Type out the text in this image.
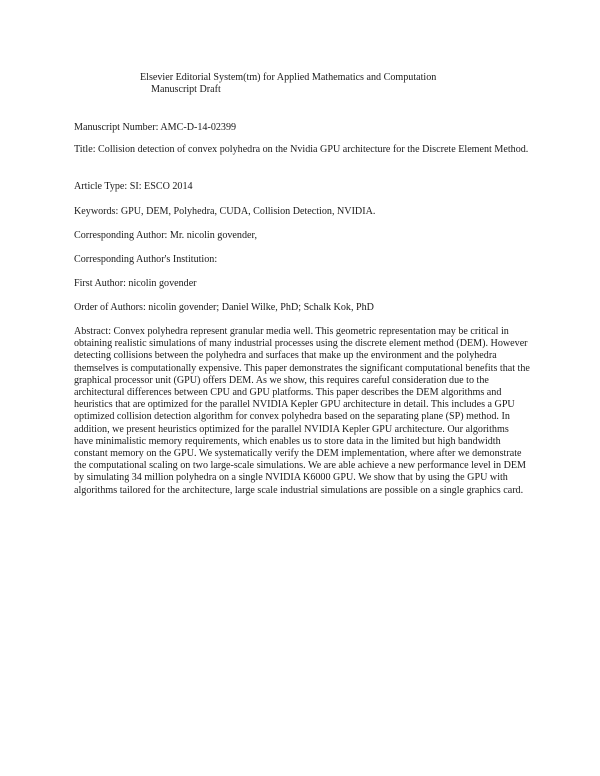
Elsevier Editorial System(tm) for Applied Mathematics and Computation
Manuscript Draft
Manuscript Number: AMC-D-14-02399
Title: Collision detection of convex polyhedra on the Nvidia GPU architecture for the Discrete Element Method.
Article Type: SI: ESCO 2014
Keywords: GPU, DEM, Polyhedra, CUDA, Collision Detection, NVIDIA.
Corresponding Author: Mr. nicolin govender,
Corresponding Author's Institution:
First Author: nicolin govender
Order of Authors: nicolin govender; Daniel Wilke, PhD; Schalk Kok, PhD
Abstract: Convex polyhedra represent granular media well. This geometric representation may be critical in obtaining realistic simulations of many industrial processes using the discrete element method (DEM). However detecting collisions between the polyhedra and surfaces that make up the environment and the polyhedra themselves is computationally expensive. This paper demonstrates the significant computational benefits that the graphical processor unit (GPU) offers DEM. As we show, this requires careful consideration due to the architectural differences between CPU and GPU platforms. This paper describes the DEM algorithms and heuristics that are optimized for the parallel NVIDIA Kepler GPU architecture in detail. This includes a GPU optimized collision detection algorithm for convex polyhedra based on the separating plane (SP) method. In addition, we present heuristics optimized for the parallel NVIDIA Kepler GPU architecture. Our algorithms have minimalistic memory requirements, which enables us to store data in the limited but high bandwidth constant memory on the GPU. We systematically verify the DEM implementation, where after we demonstrate the computational scaling on two large-scale simulations. We are able achieve a new performance level in DEM by simulating 34 million polyhedra on a single NVIDIA K6000 GPU. We show that by using the GPU with algorithms tailored for the architecture, large scale industrial simulations are possible on a single graphics card.
